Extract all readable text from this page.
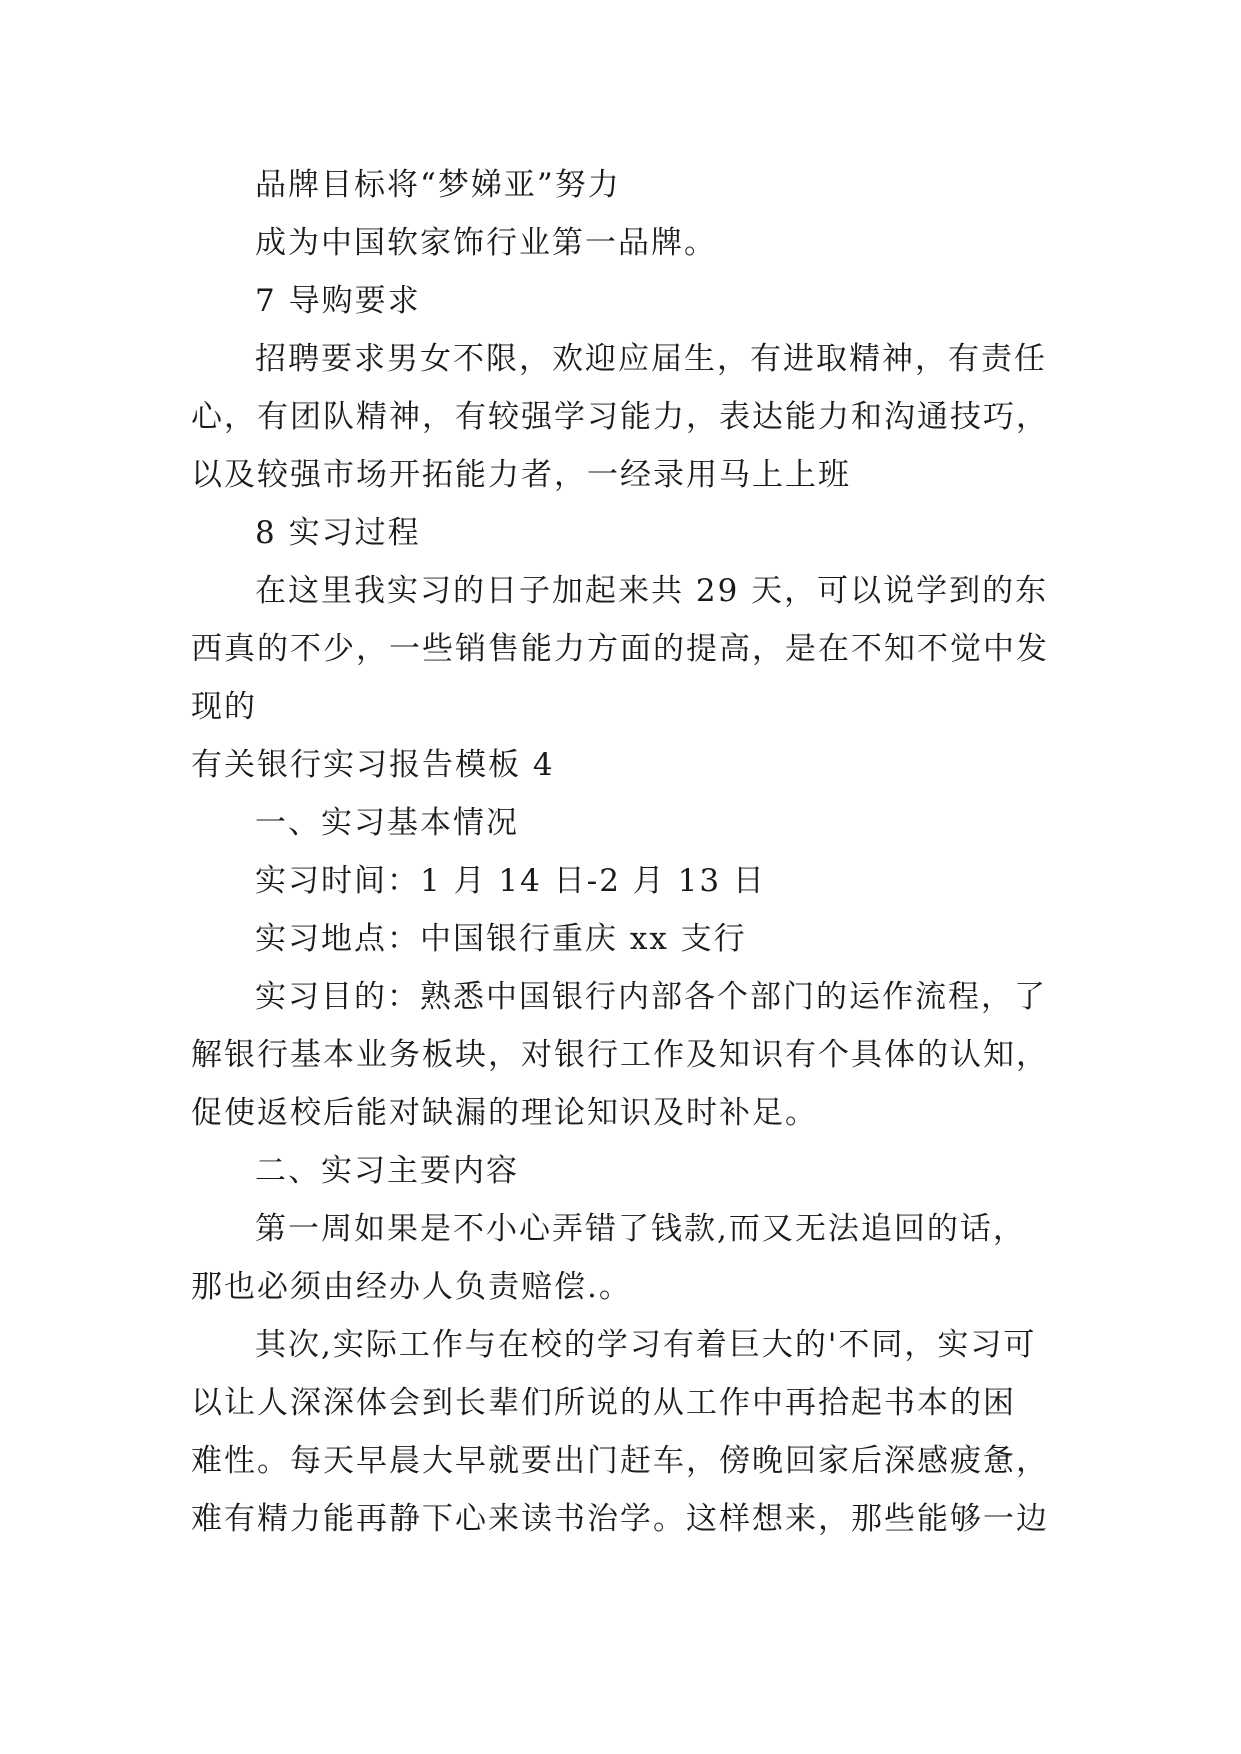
品牌目标将“梦娣亚”努力
成为中国软家饰行业第一品牌。
7 导购要求
招聘要求男女不限，欢迎应届生，有进取精神，有责任
心，有团队精神，有较强学习能力，表达能力和沟通技巧，
以及较强市场开拓能力者，一经录用马上上班
8 实习过程
在这里我实习的日子加起来共 29 天，可以说学到的东
西真的不少，一些销售能力方面的提高，是在不知不觉中发
现的
有关银行实习报告模板 4
一、实习基本情况
实习时间：1 月 14 日-2 月 13 日
实习地点：中国银行重庆 xx 支行
实习目的：熟悉中国银行内部各个部门的运作流程，了
解银行基本业务板块，对银行工作及知识有个具体的认知，
促使返校后能对缺漏的理论知识及时补足。
二、实习主要内容
第一周如果是不小心弄错了钱款,而又无法追回的话，
那也必须由经办人负责赔偿.。
其次,实际工作与在校的学习有着巨大的'不同，实习可
以让人深深体会到长辈们所说的从工作中再拾起书本的困
难性。每天早晨大早就要出门赶车，傍晚回家后深感疲惫，
难有精力能再静下心来读书治学。这样想来，那些能够一边
